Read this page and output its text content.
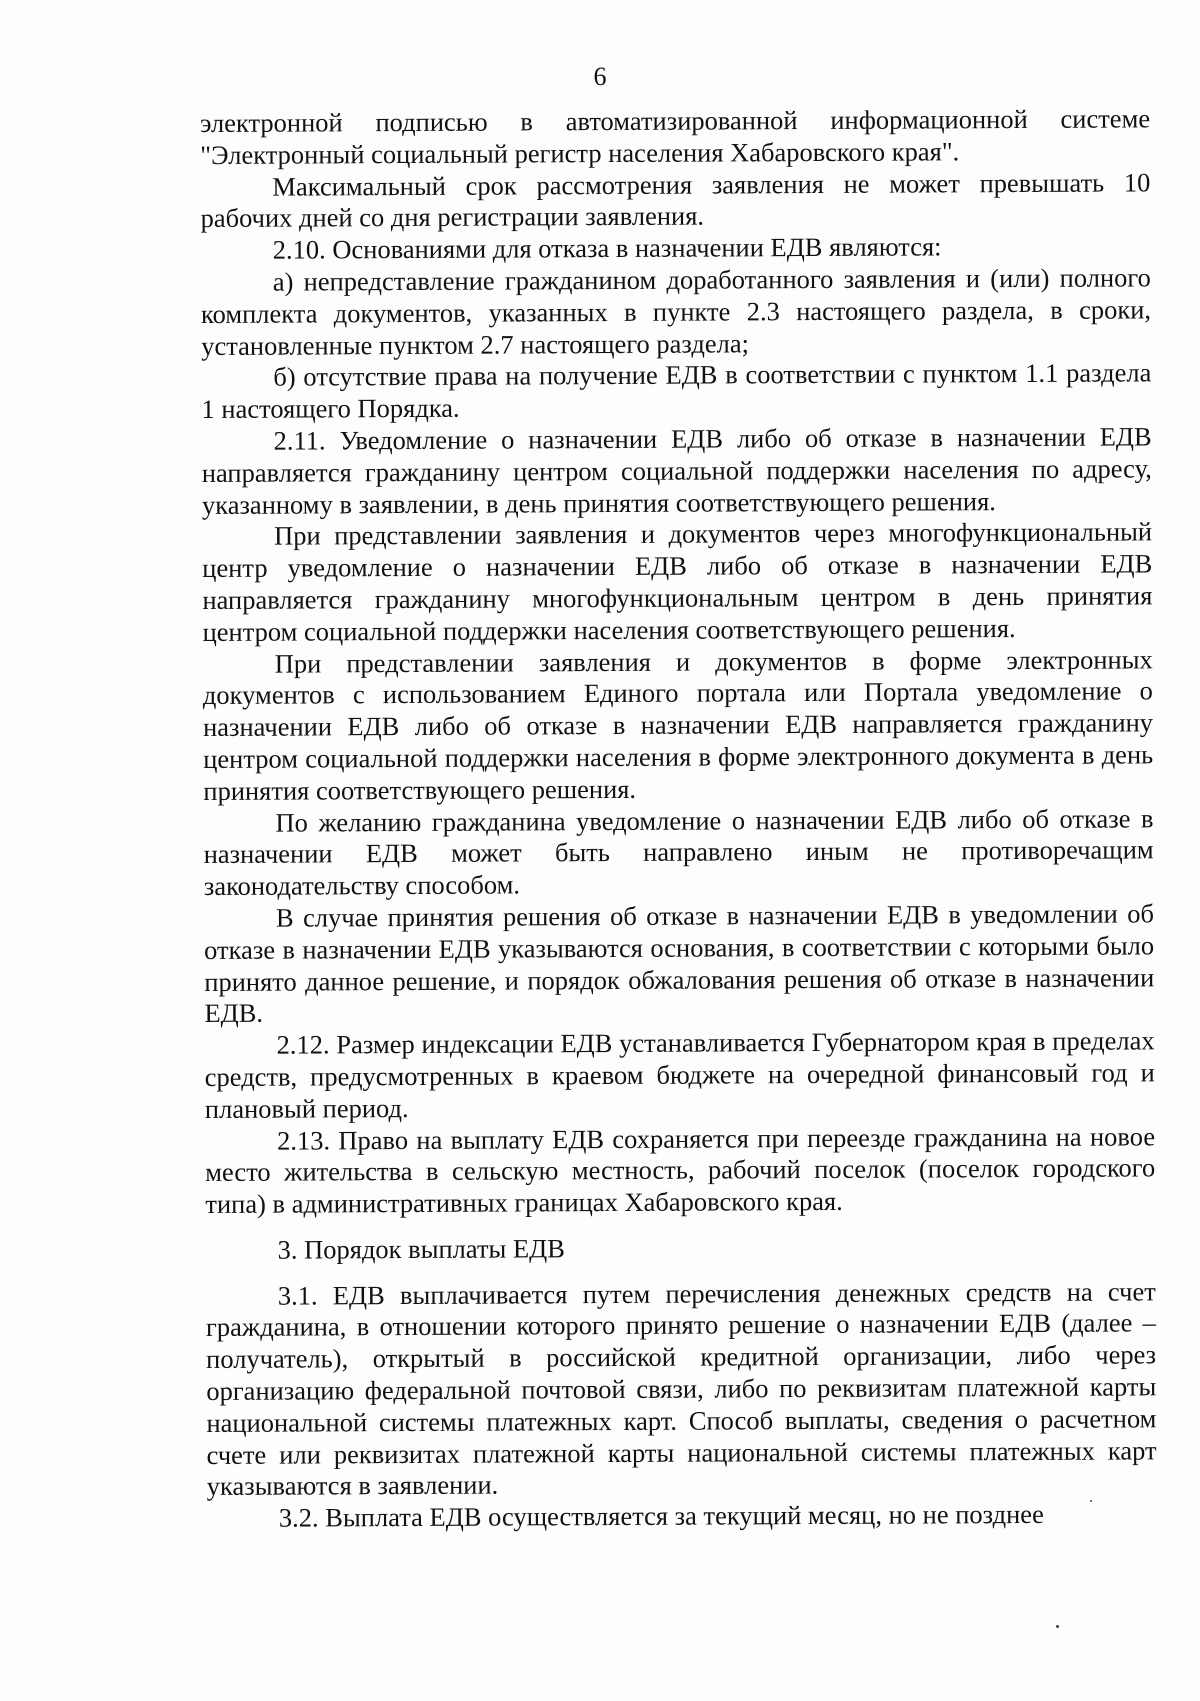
6

электронной подписью в автоматизированной информационной системе "Электронный социальный регистр населения Хабаровского края".

Максимальный срок рассмотрения заявления не может превышать 10 рабочих дней со дня регистрации заявления.

2.10. Основаниями для отказа в назначении ЕДВ являются:

а) непредставление гражданином доработанного заявления и (или) полного комплекта документов, указанных в пункте 2.3 настоящего раздела, в сроки, установленные пунктом 2.7 настоящего раздела;

б) отсутствие права на получение ЕДВ в соответствии с пунктом 1.1 раздела 1 настоящего Порядка.

2.11. Уведомление о назначении ЕДВ либо об отказе в назначении ЕДВ направляется гражданину центром социальной поддержки населения по адресу, указанному в заявлении, в день принятия соответствующего решения.

При представлении заявления и документов через многофункциональный центр уведомление о назначении ЕДВ либо об отказе в назначении ЕДВ направляется гражданину многофункциональным центром в день принятия центром социальной поддержки населения соответствующего решения.

При представлении заявления и документов в форме электронных документов с использованием Единого портала или Портала уведомление о назначении ЕДВ либо об отказе в назначении ЕДВ направляется гражданину центром социальной поддержки населения в форме электронного документа в день принятия соответствующего решения.

По желанию гражданина уведомление о назначении ЕДВ либо об отказе в назначении ЕДВ может быть направлено иным не противоречащим законодательству способом.

В случае принятия решения об отказе в назначении ЕДВ в уведомлении об отказе в назначении ЕДВ указываются основания, в соответствии с которыми было принято данное решение, и порядок обжалования решения об отказе в назначении ЕДВ.

2.12. Размер индексации ЕДВ устанавливается Губернатором края в пределах средств, предусмотренных в краевом бюджете на очередной финансовый год и плановый период.

2.13. Право на выплату ЕДВ сохраняется при переезде гражданина на новое место жительства в сельскую местность, рабочий поселок (поселок городского типа) в административных границах Хабаровского края.

3. Порядок выплаты ЕДВ

3.1. ЕДВ выплачивается путем перечисления денежных средств на счет гражданина, в отношении которого принято решение о назначении ЕДВ (далее – получатель), открытый в российской кредитной организации, либо через организацию федеральной почтовой связи, либо по реквизитам платежной карты национальной системы платежных карт. Способ выплаты, сведения о расчетном счете или реквизитах платежной карты национальной системы платежных карт указываются в заявлении.

3.2. Выплата ЕДВ осуществляется за текущий месяц, но не позднее
